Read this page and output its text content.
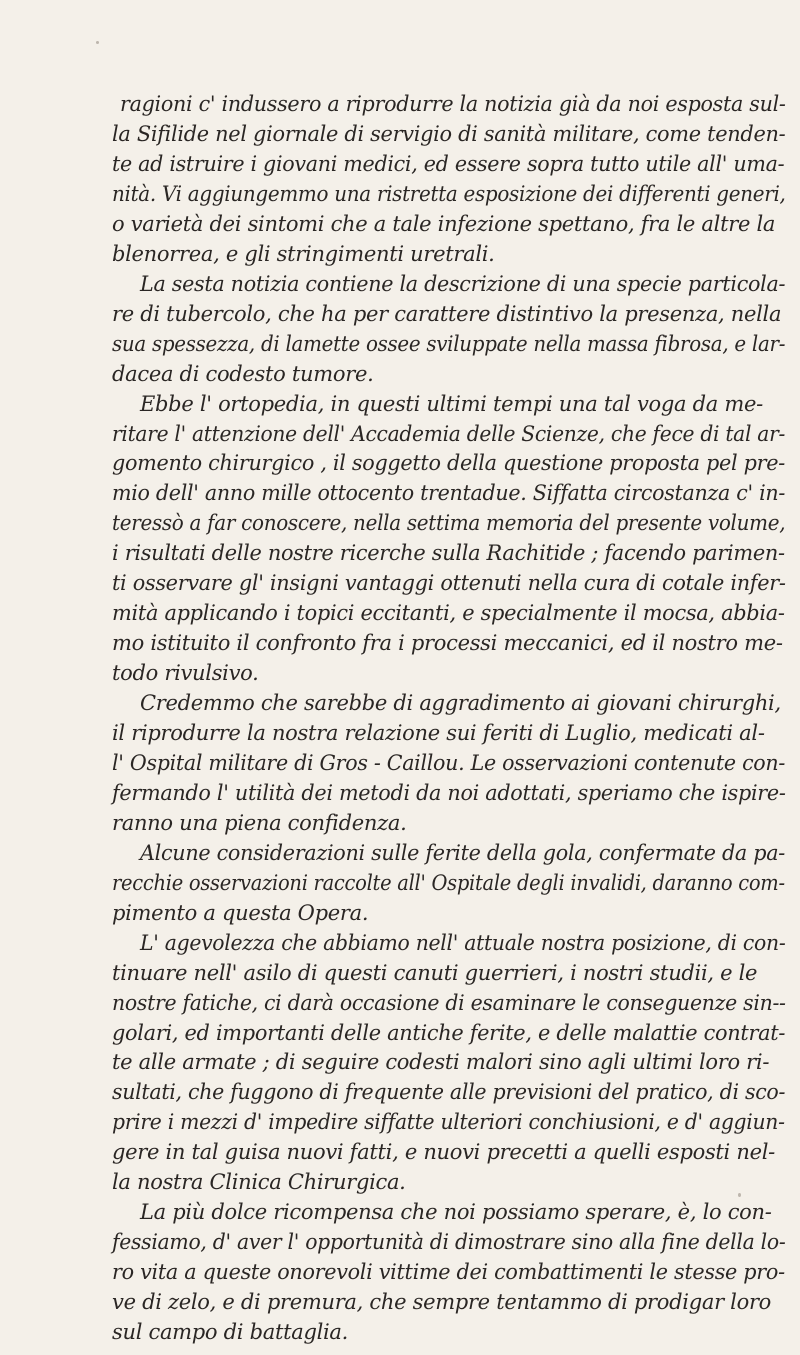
ragioni c' indussero a riprodurre la notizia già da noi esposta sul-
la Sifilide nel giornale di servigio di sanità militare, come tenden-
te ad istruire i giovani medici, ed essere sopra tutto utile all' uma-
nità. Vi aggiungemmo una ristretta esposizione dei differenti generi,
o varietà dei sintomi che a tale infezione spettano, fra le altre la
blenorrea, e gli stringimenti uretrali.
La sesta notizia contiene la descrizione di una specie particola-
re di tubercolo, che ha per carattere distintivo la presenza, nella
sua spessezza, di lamette ossee sviluppate nella massa fibrosa, e lar-
dacea di codesto tumore.
Ebbe l' ortopedia, in questi ultimi tempi una tal voga da me-
ritare l' attenzione dell' Accademia delle Scienze, che fece di tal ar-
gomento chirurgico , il soggetto della questione proposta pel pre-
mio dell' anno mille ottocento trentadue. Siffatta circostanza c' in-
teressò a far conoscere, nella settima memoria del presente volume,
i risultati delle nostre ricerche sulla Rachitide ; facendo parimen-
ti osservare gl' insigni vantaggi ottenuti nella cura di cotale infer-
mità applicando i topici eccitanti, e specialmente il mocsa, abbia-
mo istituito il confronto fra i processi meccanici, ed il nostro me-
todo rivulsivo.
Credemmo che sarebbe di aggradimento ai giovani chirurghi,
il riprodurre la nostra relazione sui feriti di Luglio, medicati al-
l' Ospital militare di Gros - Caillou. Le osservazioni contenute con-
fermando l' utilità dei metodi da noi adottati, speriamo che ispire-
ranno una piena confidenza.
Alcune considerazioni sulle ferite della gola, confermate da pa-
recchie osservazioni raccolte all' Ospitale degli invalidi, daranno com-
pimento a questa Opera.
L' agevolezza che abbiamo nell' attuale nostra posizione, di con-
tinuare nell' asilo di questi canuti guerrieri, i nostri studii, e le
nostre fatiche, ci darà occasione di esaminare le conseguenze sin--
golari, ed importanti delle antiche ferite, e delle malattie contrat-
te alle armate ; di seguire codesti malori sino agli ultimi loro ri-
sultati, che fuggono di frequente alle previsioni del pratico, di sco-
prire i mezzi d' impedire siffatte ulteriori conchiusioni, e d' aggiun-
gere in tal guisa nuovi fatti, e nuovi precetti a quelli esposti nel-
la nostra Clinica Chirurgica.
La più dolce ricompensa che noi possiamo sperare, è, lo con-
fessiamo, d' aver l' opportunità di dimostrare sino alla fine della lo-
ro vita a queste onorevoli vittime dei combattimenti le stesse pro-
ve di zelo, e di premura, che sempre tentammo di prodigar loro
sul campo di battaglia.
